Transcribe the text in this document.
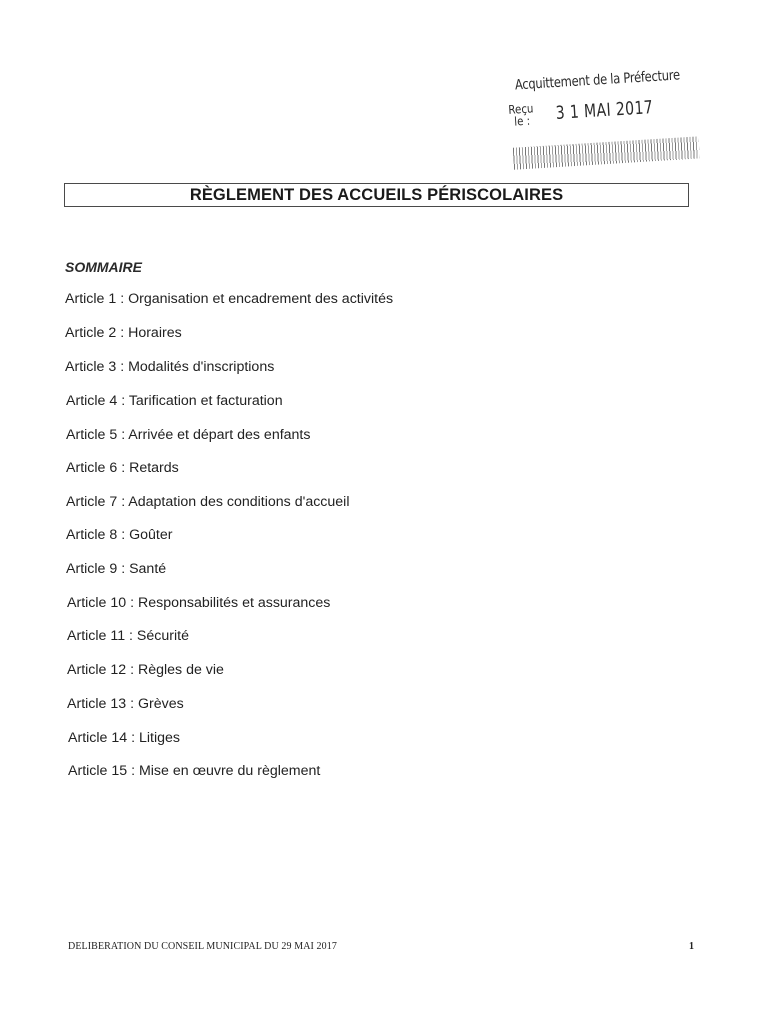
Acquittement de la Préfecture
Reçu
le : 3 1 MAI 2017
RÈGLEMENT DES ACCUEILS PÉRISCOLAIRES
SOMMAIRE
Article 1 : Organisation et encadrement des activités
Article 2 : Horaires
Article 3 : Modalités d'inscriptions
Article 4 : Tarification et facturation
Article 5 : Arrivée et départ des enfants
Article 6 : Retards
Article 7 : Adaptation des conditions d'accueil
Article 8 : Goûter
Article 9 : Santé
Article 10 : Responsabilités et assurances
Article 11 : Sécurité
Article 12 : Règles de vie
Article 13 : Grèves
Article 14 : Litiges
Article 15 : Mise en œuvre du règlement
DELIBERATION DU CONSEIL MUNICIPAL DU 29 MAI 2017	1
